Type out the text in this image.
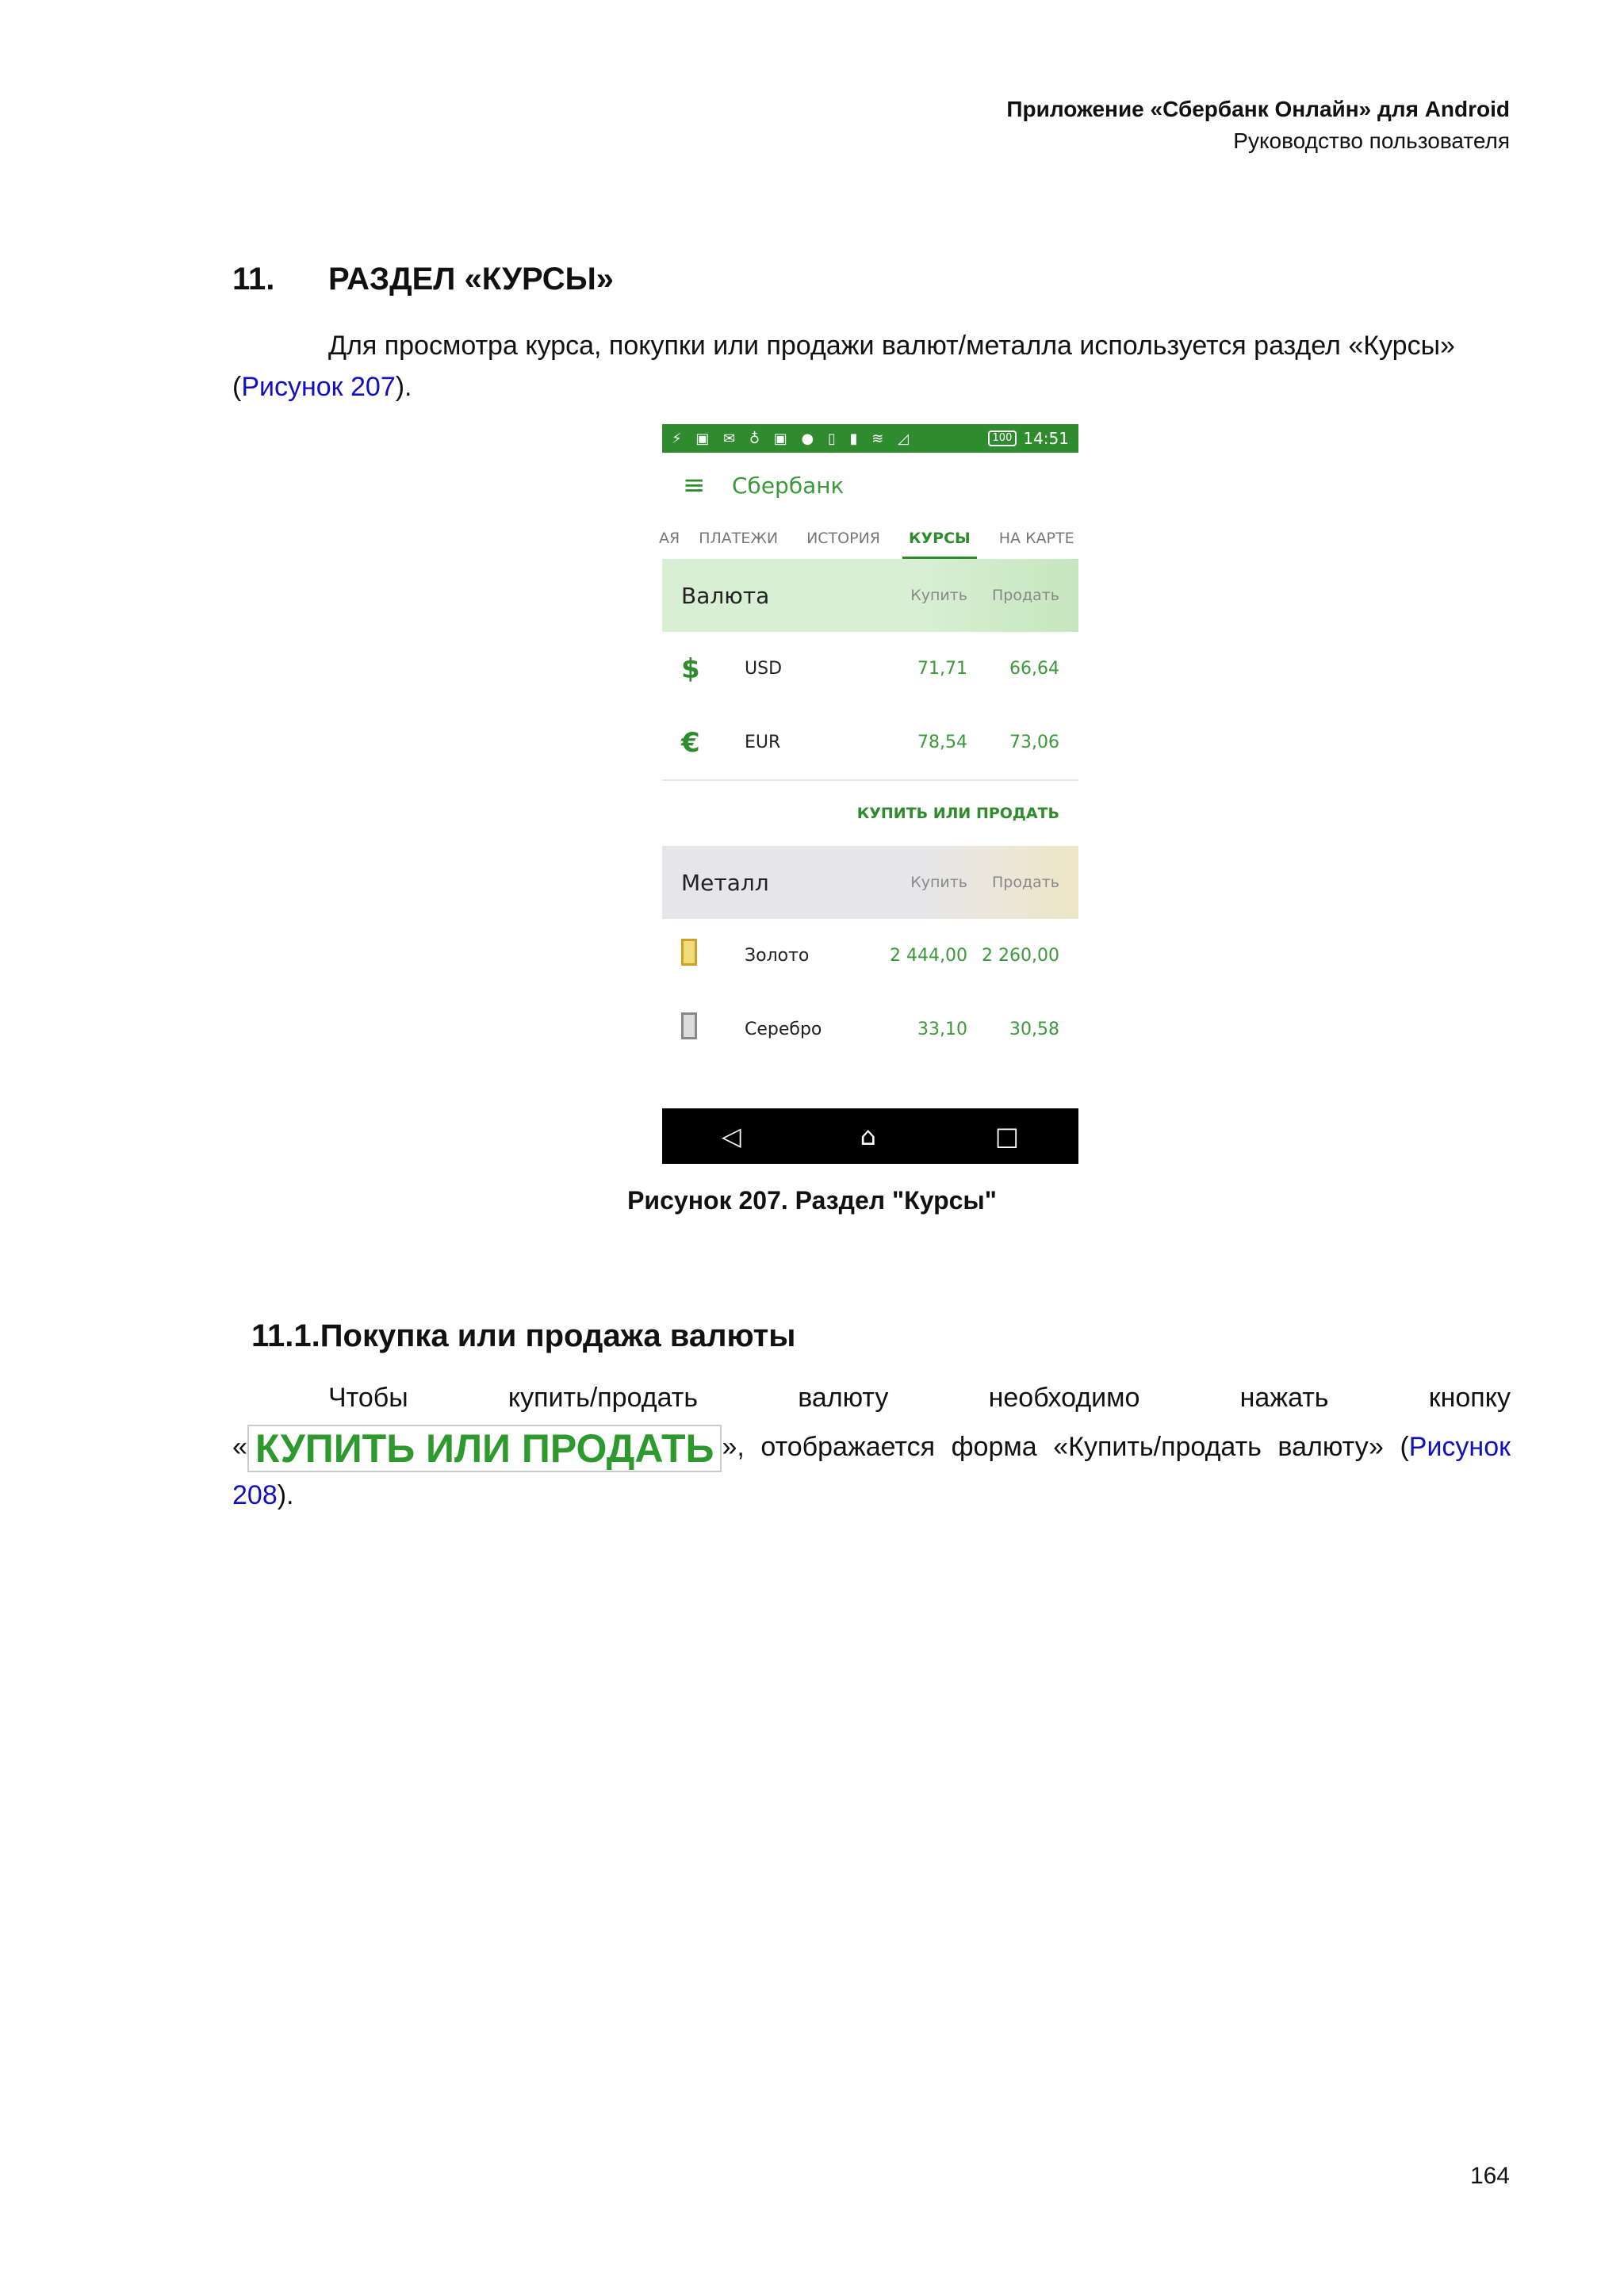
Приложение «Сбербанк Онлайн» для Android
Руководство пользователя
11. РАЗДЕЛ «КУРСЫ»
Для просмотра курса, покупки или продажи валют/металла используется раздел «Курсы» (Рисунок 207).
⚡ ▣ ✉ ♁ ▣ ● ▯ ▮ ≋ ◿	100 14:51
≡	Сбербанк
АЯ ПЛАТЕЖИ ИСТОРИЯ КУРСЫ НА КАРТЕ
Валюта	Купить	Продать
$	USD	71,71	66,64
€	EUR	78,54	73,06
КУПИТЬ ИЛИ ПРОДАТЬ
Металл	Купить	Продать
Золото	2 444,00 2 260,00
Серебро	33,10	30,58
◁	⌂	□
Рисунок 207. Раздел "Курсы"
11.1.Покупка или продажа валюты
Чтобы	купить/продать	валюту	необходимо	нажать	кнопку
« КУПИТЬ ИЛИ ПРОДАТЬ », отображается форма «Купить/продать валюту» (Рисунок
208).
164
